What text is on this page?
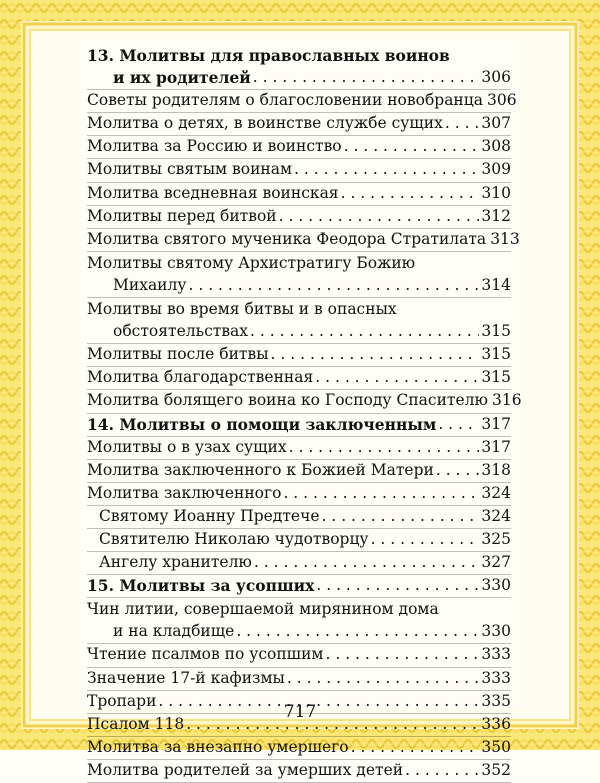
13. Молитвы для православных воинов
и их родителей . . .	306
Советы родителям о благословении новобранца 306
Молитва о детях, в воинстве службе сущих . . . 307
Молитва за Россию и воинство . . .	308
Молитвы святым воинам . . .	309
Молитва вседневная воинская . . .	310
Молитвы перед битвой . . .	312
Молитва святого мученика Феодора Стратилата 313
Молитвы святому Архистратигу Божию
Михаилу . . .	314
Молитвы во время битвы и в опасных
обстоятельствах . . .	315
Молитвы после битвы . . .	315
Молитва благодарственная . . .	315
Молитва болящего воина ко Господу Спасителю 316
14. Молитвы о помощи заключенным . . .	317
Молитвы о в узах сущих . . .	317
Молитва заключенного к Божией Матери . . .	318
Молитва заключенного . . .	324
Святому Иоанну Предтече . . .	324
Святителю Николаю чудотворцу . . .	325
Ангелу хранителю . . .	327
15. Молитвы за усопших . . .	330
Чин литии, совершаемой мирянином дома
и на кладбище . . .	330
Чтение псалмов по усопшим . . .	333
Значение 17-й кафизмы . . .	333
Тропари . . .	335
Псалом 118 . . .	336
Молитва за внезапно умершего . . .	350
Молитва родителей за умерших детей . . .	352
717
